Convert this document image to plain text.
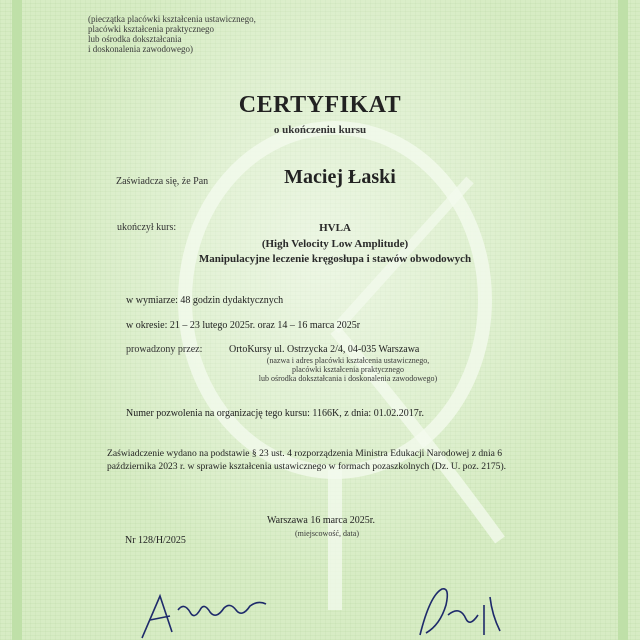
(pieczątka placówki kształcenia ustawicznego,
placówki kształcenia praktycznego
lub ośrodka dokształcania
i doskonalenia zawodowego)
CERTYFIKAT
o ukończeniu kursu
Zaświadcza się, że Pan	Maciej Łaski
ukończył kurs:	HVLA
(High Velocity Low Amplitude)
Manipulacyjne leczenie kręgosłupa i stawów obwodowych
w wymiarze: 48 godzin dydaktycznych
w okresie: 21 – 23 lutego 2025r. oraz 14 – 16 marca 2025r
prowadzony przez:	OrtoKursy ul. Ostrzycka 2/4, 04-035 Warszawa
(nazwa i adres placówki kształcenia ustawicznego,
placówki kształcenia praktycznego
lub ośrodka dokształcania i doskonalenia zawodowego)
Numer pozwolenia na organizację tego kursu: 1166K, z dnia: 01.02.2017r.
Zaświadczenie wydano na podstawie § 23 ust. 4 rozporządzenia Ministra Edukacji Narodowej z dnia 6
października 2023 r. w sprawie kształcenia ustawicznego w formach pozaszkolnych (Dz. U. poz. 2175).
Warszawa 16 marca 2025r.
(miejscowość, data)
Nr 128/H/2025
